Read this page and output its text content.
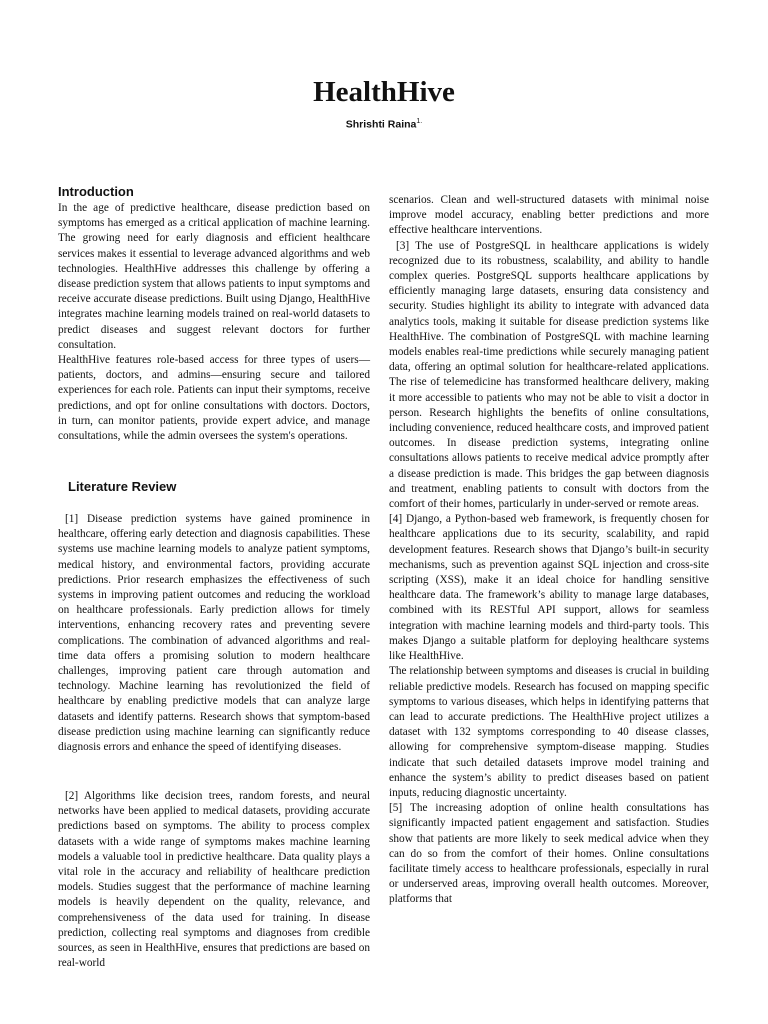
HealthHive
Shrishti Raina$^{1.}$
Introduction

In the age of predictive healthcare, disease prediction based on symptoms has emerged as a critical application of machine learning. The growing need for early diagnosis and efficient healthcare services makes it essential to leverage advanced algorithms and web technologies. HealthHive addresses this challenge by offering a disease prediction system that allows patients to input symptoms and receive accurate disease predictions. Built using Django, HealthHive integrates machine learning models trained on real-world datasets to predict diseases and suggest relevant doctors for further consultation.

HealthHive features role-based access for three types of users—patients, doctors, and admins—ensuring secure and tailored experiences for each role. Patients can input their symptoms, receive predictions, and opt for online consultations with doctors. Doctors, in turn, can monitor patients, provide expert advice, and manage consultations, while the admin oversees the system's operations.

Literature Review

[1] Disease prediction systems have gained prominence in healthcare, offering early detection and diagnosis capabilities. These systems use machine learning models to analyze patient symptoms, medical history, and environmental factors, providing accurate predictions. Prior research emphasizes the effectiveness of such systems in improving patient outcomes and reducing the workload on healthcare professionals. Early prediction allows for timely interventions, enhancing recovery rates and preventing severe complications. The combination of advanced algorithms and real-time data offers a promising solution to modern healthcare challenges, improving patient care through automation and technology. Machine learning has revolutionized the field of healthcare by enabling predictive models that can analyze large datasets and identify patterns. Research shows that symptom-based disease prediction using machine learning can significantly reduce diagnosis errors and enhance the speed of identifying diseases.

[2] Algorithms like decision trees, random forests, and neural networks have been applied to medical datasets, providing accurate predictions based on symptoms. The ability to process complex datasets with a wide range of symptoms makes machine learning models a valuable tool in predictive healthcare. Data quality plays a vital role in the accuracy and reliability of healthcare prediction models. Studies suggest that the performance of machine learning models is heavily dependent on the quality, relevance, and comprehensiveness of the data used for training. In disease prediction, collecting real symptoms and diagnoses from credible sources, as seen in HealthHive, ensures that predictions are based on real-world

scenarios. Clean and well-structured datasets with minimal noise improve model accuracy, enabling better predictions and more effective healthcare interventions.

[3] The use of PostgreSQL in healthcare applications is widely recognized due to its robustness, scalability, and ability to handle complex queries. PostgreSQL supports healthcare applications by efficiently managing large datasets, ensuring data consistency and security. Studies highlight its ability to integrate with advanced data analytics tools, making it suitable for disease prediction systems like HealthHive. The combination of PostgreSQL with machine learning models enables real-time predictions while securely managing patient data, offering an optimal solution for healthcare-related applications. The rise of telemedicine has transformed healthcare delivery, making it more accessible to patients who may not be able to visit a doctor in person. Research highlights the benefits of online consultations, including convenience, reduced healthcare costs, and improved patient outcomes. In disease prediction systems, integrating online consultations allows patients to receive medical advice promptly after a disease prediction is made. This bridges the gap between diagnosis and treatment, enabling patients to consult with doctors from the comfort of their homes, particularly in under-served or remote areas.

[4] Django, a Python-based web framework, is frequently chosen for healthcare applications due to its security, scalability, and rapid development features. Research shows that Django’s built-in security mechanisms, such as prevention against SQL injection and cross-site scripting (XSS), make it an ideal choice for handling sensitive healthcare data. The framework’s ability to manage large databases, combined with its RESTful API support, allows for seamless integration with machine learning models and third-party tools. This makes Django a suitable platform for deploying healthcare systems like HealthHive.

The relationship between symptoms and diseases is crucial in building reliable predictive models. Research has focused on mapping specific symptoms to various diseases, which helps in identifying patterns that can lead to accurate predictions. The HealthHive project utilizes a dataset with 132 symptoms corresponding to 40 disease classes, allowing for comprehensive symptom-disease mapping. Studies indicate that such detailed datasets improve model training and enhance the system’s ability to predict diseases based on patient inputs, reducing diagnostic uncertainty.

[5] The increasing adoption of online health consultations has significantly impacted patient engagement and satisfaction. Studies show that patients are more likely to seek medical advice when they can do so from the comfort of their homes. Online consultations facilitate timely access to healthcare professionals, especially in rural or underserved areas, improving overall health outcomes. Moreover, platforms that
